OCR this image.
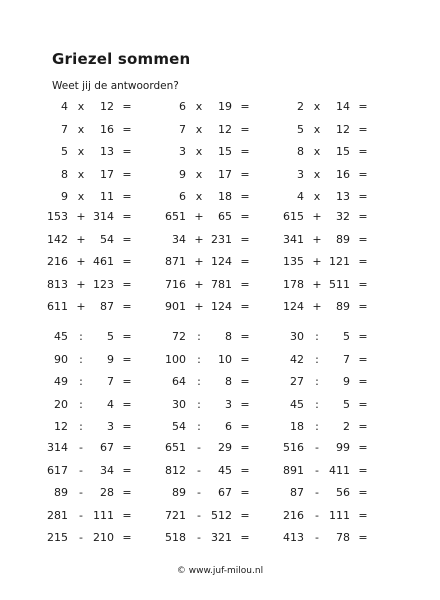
Griezel sommen
Weet jij de antwoorden?
4 x	12 =	6 x	19 =	2 x	14 =
7 x	16 =	7 x	12 =	5 x	12 =
5 x	13 =	3 x	15 =	8 x	15 =
8 x	17 =	9 x	17 =	3 x	16 =
9 x	11 =	6 x	18 =	4 x	13 =
153 + 314 =	651 +	65 =	615 +	32 =
142 +	54 =	34 + 231 =	341 +	89 =
216 + 461 =	871 + 124 =	135 + 121 =
813 + 123 =	716 + 781 =	178 + 511 =
611 +	87 =	901 + 124 =	124 +	89 =
45	:	5 =	72	:	8 =	30	:	5 =
90	:	9 =	100	:	10 =	42	:	7 =
49	:	7 =	64	:	8 =	27	:	9 =
20	:	4 =	30	:	3 =	45	:	5 =
12	:	3 =	54	:	6 =	18	:	2 =
314	-	67 =	651	-	29 =	516	-	99 =
617	-	34 =	812	-	45 =	891	- 411 =
89	-	28 =	89	-	67 =	87	-	56 =
281	- 111 =	721	- 512 =	216	- 111 =
215	- 210 =	518	- 321 =	413	-	78 =
© www.juf-milou.nl
